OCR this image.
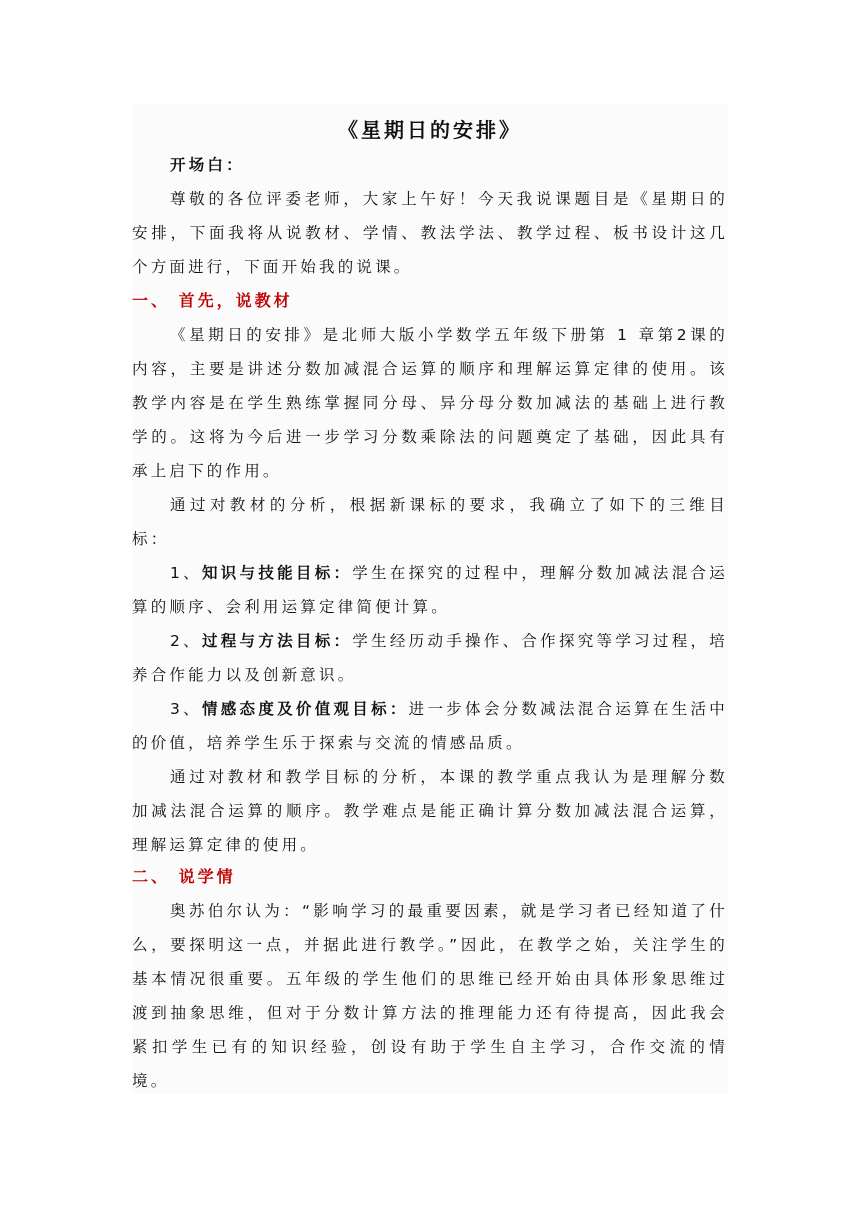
《星期日的安排》

开场白：

尊敬的各位评委老师，大家上午好！今天我说课题目是《星期日的安排，下面我将从说教材、学情、教法学法、教学过程、板书设计这几个方面进行，下面开始我的说课。

一、 首先，说教材

《星期日的安排》是北师大版小学数学五年级下册第 1 章第2课的内容，主要是讲述分数加减混合运算的顺序和理解运算定律的使用。该教学内容是在学生熟练掌握同分母、异分母分数加减法的基础上进行教学的。这将为今后进一步学习分数乘除法的问题奠定了基础，因此具有承上启下的作用。

通过对教材的分析，根据新课标的要求，我确立了如下的三维目标：

1、知识与技能目标：学生在探究的过程中，理解分数加减法混合运算的顺序、会利用运算定律简便计算。

2、过程与方法目标：学生经历动手操作、合作探究等学习过程，培养合作能力以及创新意识。

3、情感态度及价值观目标：进一步体会分数减法混合运算在生活中的价值，培养学生乐于探索与交流的情感品质。

通过对教材和教学目标的分析，本课的教学重点我认为是理解分数加减法混合运算的顺序。教学难点是能正确计算分数加减法混合运算，理解运算定律的使用。

二、 说学情

奥苏伯尔认为：“影响学习的最重要因素，就是学习者已经知道了什么，要探明这一点，并据此进行教学。”因此，在教学之始，关注学生的基本情况很重要。五年级的学生他们的思维已经开始由具体形象思维过渡到抽象思维，但对于分数计算方法的推理能力还有待提高，因此我会紧扣学生已有的知识经验，创设有助于学生自主学习，合作交流的情境。
